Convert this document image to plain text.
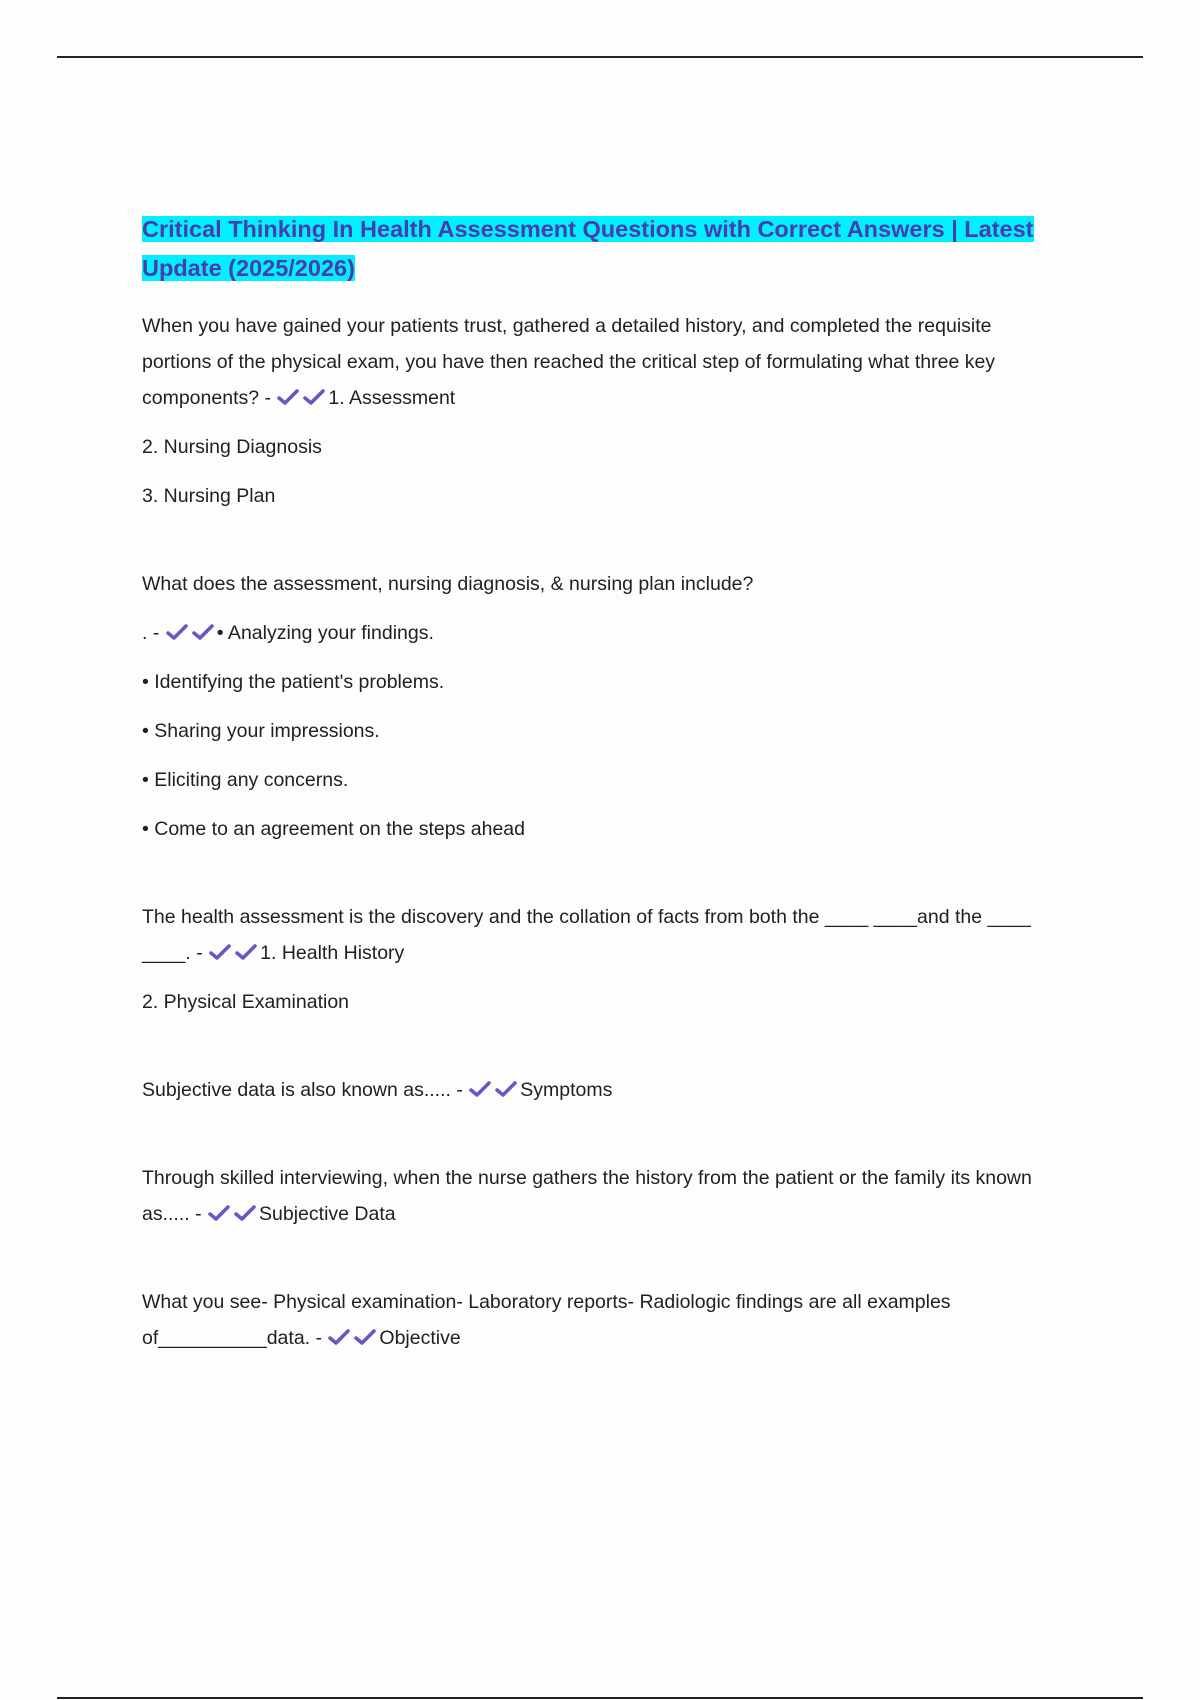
Critical Thinking In Health Assessment Questions with Correct Answers | Latest Update (2025/2026)

When you have gained your patients trust, gathered a detailed history, and completed the requisite portions of the physical exam, you have then reached the critical step of formulating what three key components? -	1. Assessment

2. Nursing Diagnosis

3. Nursing Plan

What does the assessment, nursing diagnosis, & nursing plan include?

. -	• Analyzing your findings.

• Identifying the patient's problems.

• Sharing your impressions.

• Eliciting any concerns.

• Come to an agreement on the steps ahead

The health assessment is the discovery and the collation of facts from both the ____ ____and the ____ ____. -	1. Health History

2. Physical Examination

Subjective data is also known as..... -	Symptoms

Through skilled interviewing, when the nurse gathers the history from the patient or the family its known as..... -	Subjective Data

What you see- Physical examination- Laboratory reports- Radiologic findings are all examples of__________data. -	Objective
